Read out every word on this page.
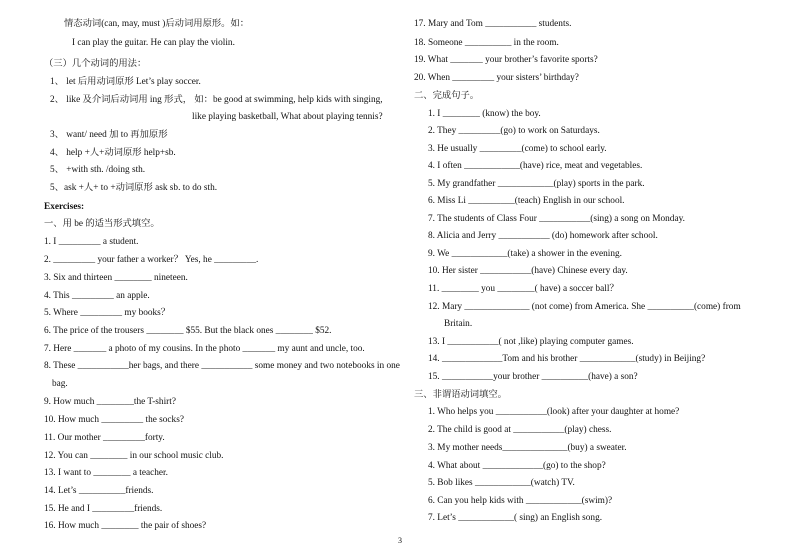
情态动词(can, may, must )后动词用原形。如：
I can play the guitar. He can play the violin.
（三）几个动词的用法：
1、 let 后用动词原形 Let’s play soccer.
2、 like 及介词后动词用 ing 形式， 如：be good at swimming, help kids with singing,
like playing basketball, What about playing tennis?
3、 want/ need 加 to 再加原形
4、 help +人+动词原形 help+sb.
5、 +with sth. /doing sth.
5、ask +人+ to +动词原形 ask sb. to do sth.
Exercises:
一、用 be 的适当形式填空。
1. I _________ a student.
2. _________ your father a worker？ Yes, he _________.
3. Six and thirteen ________ nineteen.
4. This _________ an apple.
5. Where _________ my books？
6. The price of the trousers ________ $55. But the black ones ________ $52.
7. Here _______ a photo of my cousins. In the photo _______ my aunt and uncle, too.
8. These ___________her bags, and there ___________ some money and two notebooks in one
bag.
9. How much ________the T-shirt?
10. How much _________ the socks?
11. Our mother _________forty.
12. You can ________ in our school music club.
13. I want to ________ a teacher.
14. Let’s __________friends.
15. He and I _________friends.
16. How much ________ the pair of shoes?
17. Mary and Tom ___________ students.
18. Someone __________ in the room.
19. What _______ your brother’s favorite sports?
20. When _________ your sisters’ birthday?
二、完成句子。
1. I ________ (know) the boy.
2. They _________(go) to work on Saturdays.
3. He usually _________(come) to school early.
4. I often ____________(have) rice, meat and vegetables.
5. My grandfather ____________(play) sports in the park.
6. Miss Li __________(teach) English in our school.
7. The students of Class Four ___________(sing) a song on Monday.
8. Alicia and Jerry ___________ (do) homework after school.
9. We ____________(take) a shower in the evening.
10. Her sister ___________(have) Chinese every day.
11. ________ you ________( have) a soccer ball？
12. Mary ______________ (not come) from America. She __________(come) from
Britain.
13. I ___________( not ,like) playing computer games.
14. _____________Tom and his brother ____________(study) in Beijing?
15. ___________your brother __________(have) a son?
三、非谓语动词填空。
1. Who helps you ___________(look) after your daughter at home?
2. The child is good at ___________(play) chess.
3. My mother needs______________(buy) a sweater.
4. What about _____________(go) to the shop?
5. Bob likes ____________(watch) TV.
6. Can you help kids with ____________(swim)?
7. Let’s ____________( sing) an English song.
3
